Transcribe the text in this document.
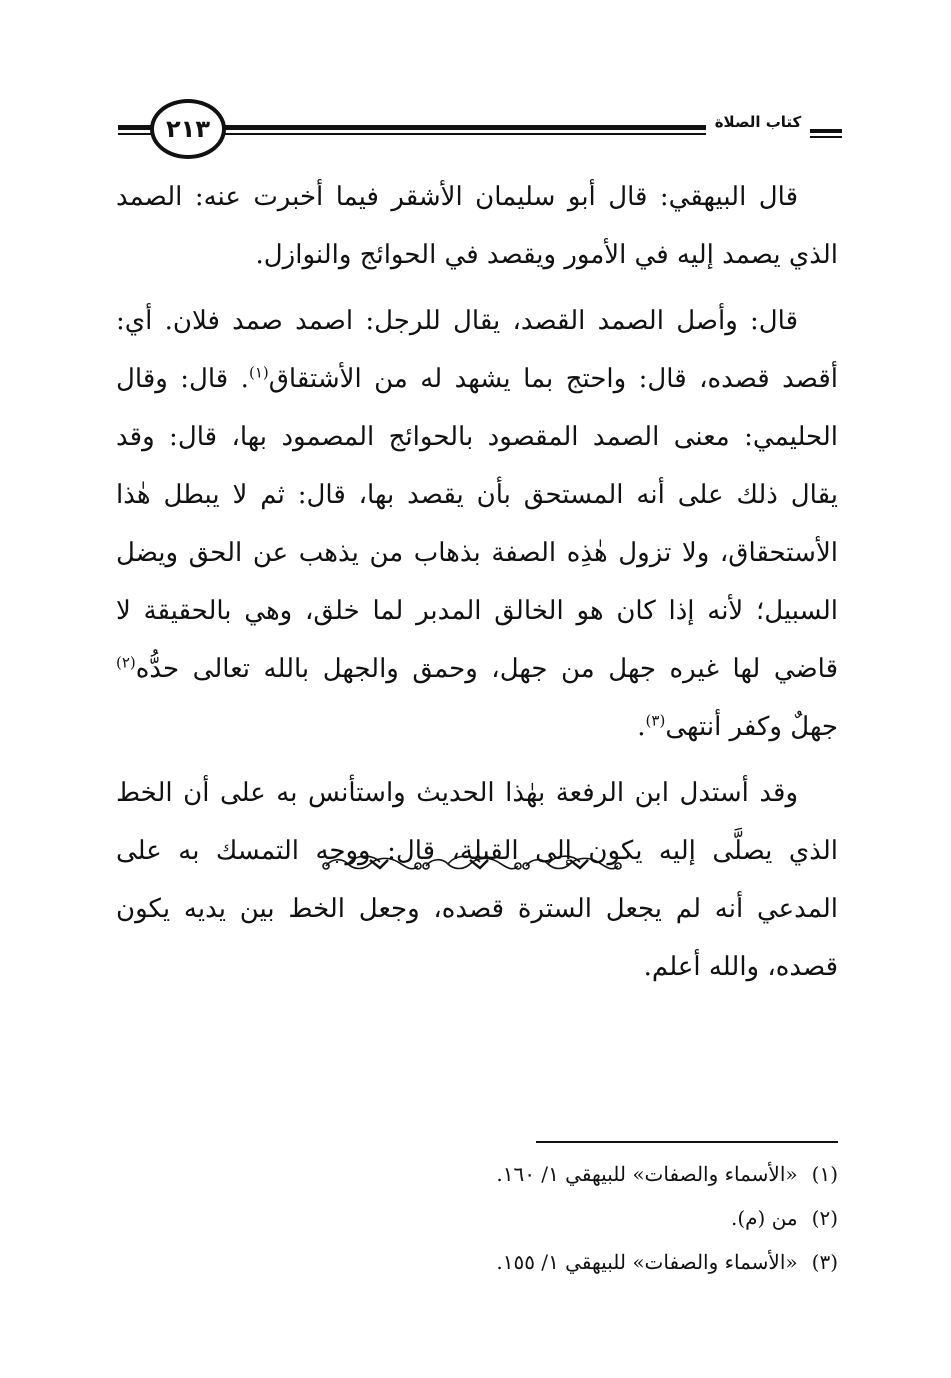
٢١٣	كتاب الصلاة

قال البيهقي: قال أبو سليمان الأشقر فيما أخبرت عنه: الصمد الذي يصمد إليه في الأمور ويقصد في الحوائج والنوازل.

قال: وأصل الصمد القصد، يقال للرجل: اصمد صمد فلان. أي: أقصد قصده، قال: واحتج بما يشهد له من الأشتقاق$^{(١)}$. قال: وقال الحليمي: معنى الصمد المقصود بالحوائج المصمود بها، قال: وقد يقال ذلك على أنه المستحق بأن يقصد بها، قال: ثم لا يبطل هٰذا الأستحقاق، ولا تزول هٰذِه الصفة بذهاب من يذهب عن الحق ويضل السبيل؛ لأنه إذا كان هو الخالق المدبر لما خلق، وهي بالحقيقة لا قاضي لها غيره جهل من جهل، وحمق والجهل بالله تعالى حدُّه$^{(٢)}$ جهلٌ وكفر أنتهى$^{(٣)}$.

وقد أستدل ابن الرفعة بهٰذا الحديث واستأنس به على أن الخط الذي يصلَّى إليه يكون إلى القبلة، قال: ووجه التمسك به على المدعي أنه لم يجعل السترة قصده، وجعل الخط بين يديه يكون قصده، والله أعلم.

(١)«الأسماء والصفات» للبيهقي ١/ ١٦٠.
(٢)من (م).
(٣)«الأسماء والصفات» للبيهقي ١/ ١٥٥.
